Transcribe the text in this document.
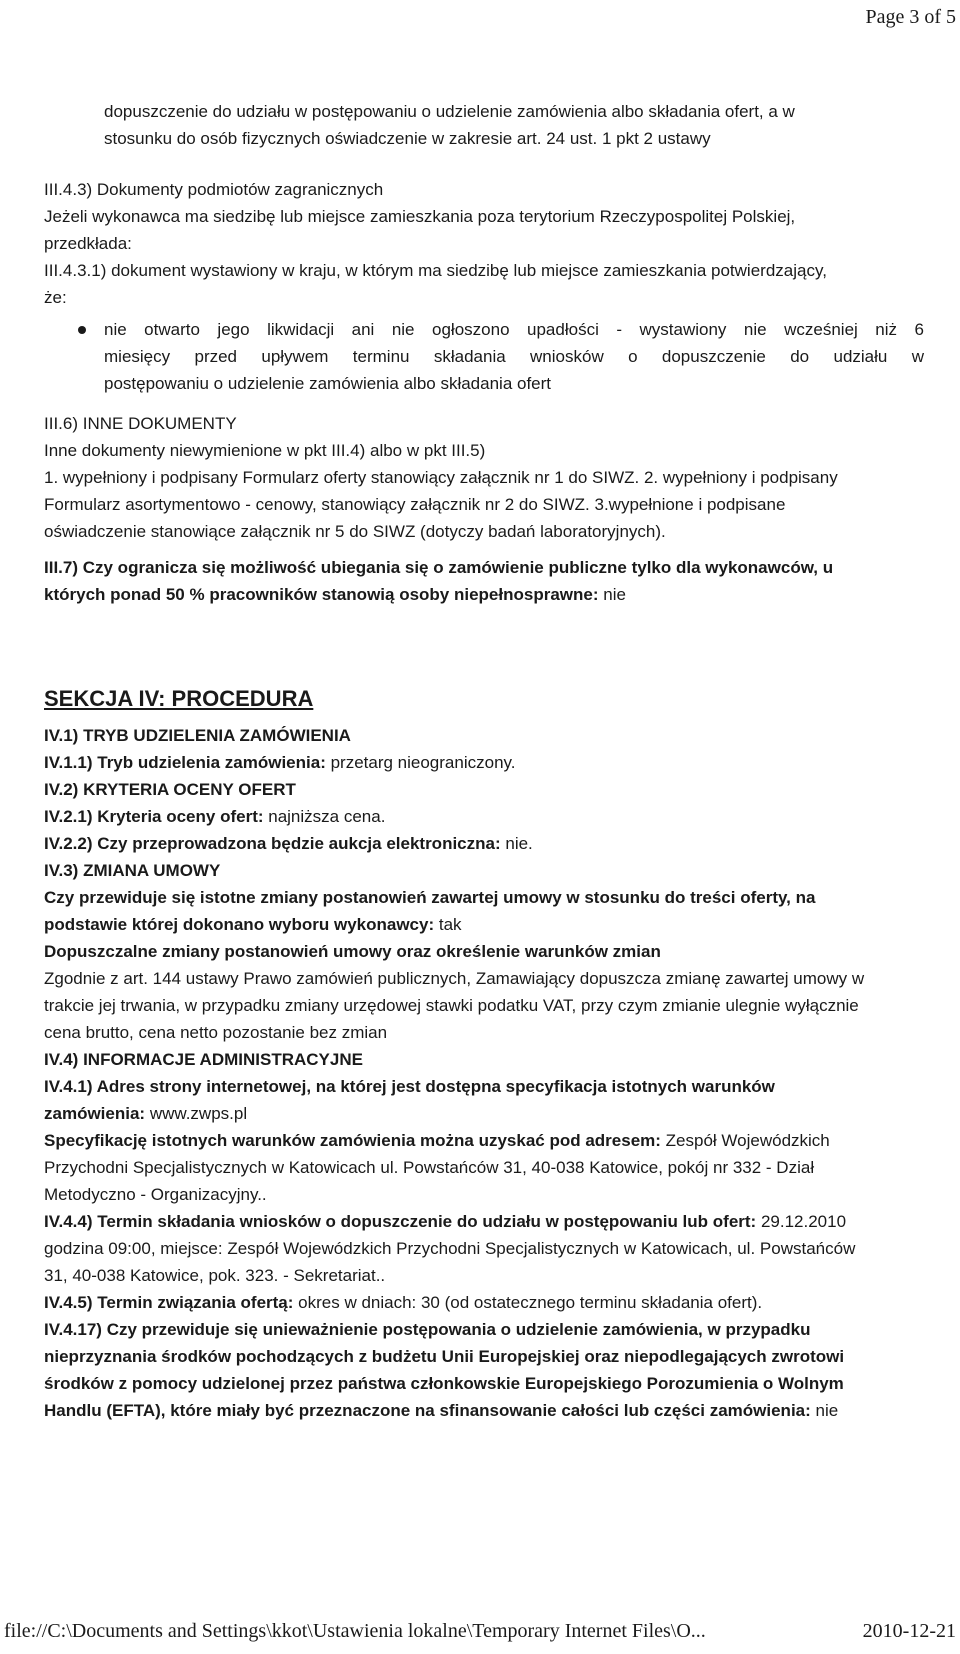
Page 3 of 5
dopuszczenie do udziału w postępowaniu o udzielenie zamówienia albo składania ofert, a w
stosunku do osób fizycznych oświadczenie w zakresie art. 24 ust. 1 pkt 2 ustawy
III.4.3) Dokumenty podmiotów zagranicznych
Jeżeli wykonawca ma siedzibę lub miejsce zamieszkania poza terytorium Rzeczypospolitej Polskiej,
przedkłada:
III.4.3.1) dokument wystawiony w kraju, w którym ma siedzibę lub miejsce zamieszkania potwierdzający,
że:
nie otwarto jego likwidacji ani nie ogłoszono upadłości - wystawiony nie wcześniej niż 6
miesięcy przed upływem terminu składania wniosków o dopuszczenie do udziału w
postępowaniu o udzielenie zamówienia albo składania ofert
III.6) INNE DOKUMENTY
Inne dokumenty niewymienione w pkt III.4) albo w pkt III.5)
1. wypełniony i podpisany Formularz oferty stanowiący załącznik nr 1 do SIWZ. 2. wypełniony i podpisany
Formularz asortymentowo - cenowy, stanowiący załącznik nr 2 do SIWZ. 3.wypełnione i podpisane
oświadczenie stanowiące załącznik nr 5 do SIWZ (dotyczy badań laboratoryjnych).
III.7) Czy ogranicza się możliwość ubiegania się o zamówienie publiczne tylko dla wykonawców, u
których ponad 50 % pracowników stanowią osoby niepełnosprawne: nie
SEKCJA IV: PROCEDURA
IV.1) TRYB UDZIELENIA ZAMÓWIENIA
IV.1.1) Tryb udzielenia zamówienia: przetarg nieograniczony.
IV.2) KRYTERIA OCENY OFERT
IV.2.1) Kryteria oceny ofert: najniższa cena.
IV.2.2) Czy przeprowadzona będzie aukcja elektroniczna: nie.
IV.3) ZMIANA UMOWY
Czy przewiduje się istotne zmiany postanowień zawartej umowy w stosunku do treści oferty, na
podstawie której dokonano wyboru wykonawcy: tak
Dopuszczalne zmiany postanowień umowy oraz określenie warunków zmian
Zgodnie z art. 144 ustawy Prawo zamówień publicznych, Zamawiający dopuszcza zmianę zawartej umowy w
trakcie jej trwania, w przypadku zmiany urzędowej stawki podatku VAT, przy czym zmianie ulegnie wyłącznie
cena brutto, cena netto pozostanie bez zmian
IV.4) INFORMACJE ADMINISTRACYJNE
IV.4.1) Adres strony internetowej, na której jest dostępna specyfikacja istotnych warunków
zamówienia: www.zwps.pl
Specyfikację istotnych warunków zamówienia można uzyskać pod adresem: Zespół Wojewódzkich
Przychodni Specjalistycznych w Katowicach ul. Powstańców 31, 40-038 Katowice, pokój nr 332 - Dział
Metodyczno - Organizacyjny..
IV.4.4) Termin składania wniosków o dopuszczenie do udziału w postępowaniu lub ofert: 29.12.2010
godzina 09:00, miejsce: Zespół Wojewódzkich Przychodni Specjalistycznych w Katowicach, ul. Powstańców
31, 40-038 Katowice, pok. 323. - Sekretariat..
IV.4.5) Termin związania ofertą: okres w dniach: 30 (od ostatecznego terminu składania ofert).
IV.4.17) Czy przewiduje się unieważnienie postępowania o udzielenie zamówienia, w przypadku
nieprzyznania środków pochodzących z budżetu Unii Europejskiej oraz niepodlegających zwrotowi
środków z pomocy udzielonej przez państwa członkowskie Europejskiego Porozumienia o Wolnym
Handlu (EFTA), które miały być przeznaczone na sfinansowanie całości lub części zamówienia: nie
file://C:\Documents and Settings\kkot\Ustawienia lokalne\Temporary Internet Files\O...	2010-12-21
